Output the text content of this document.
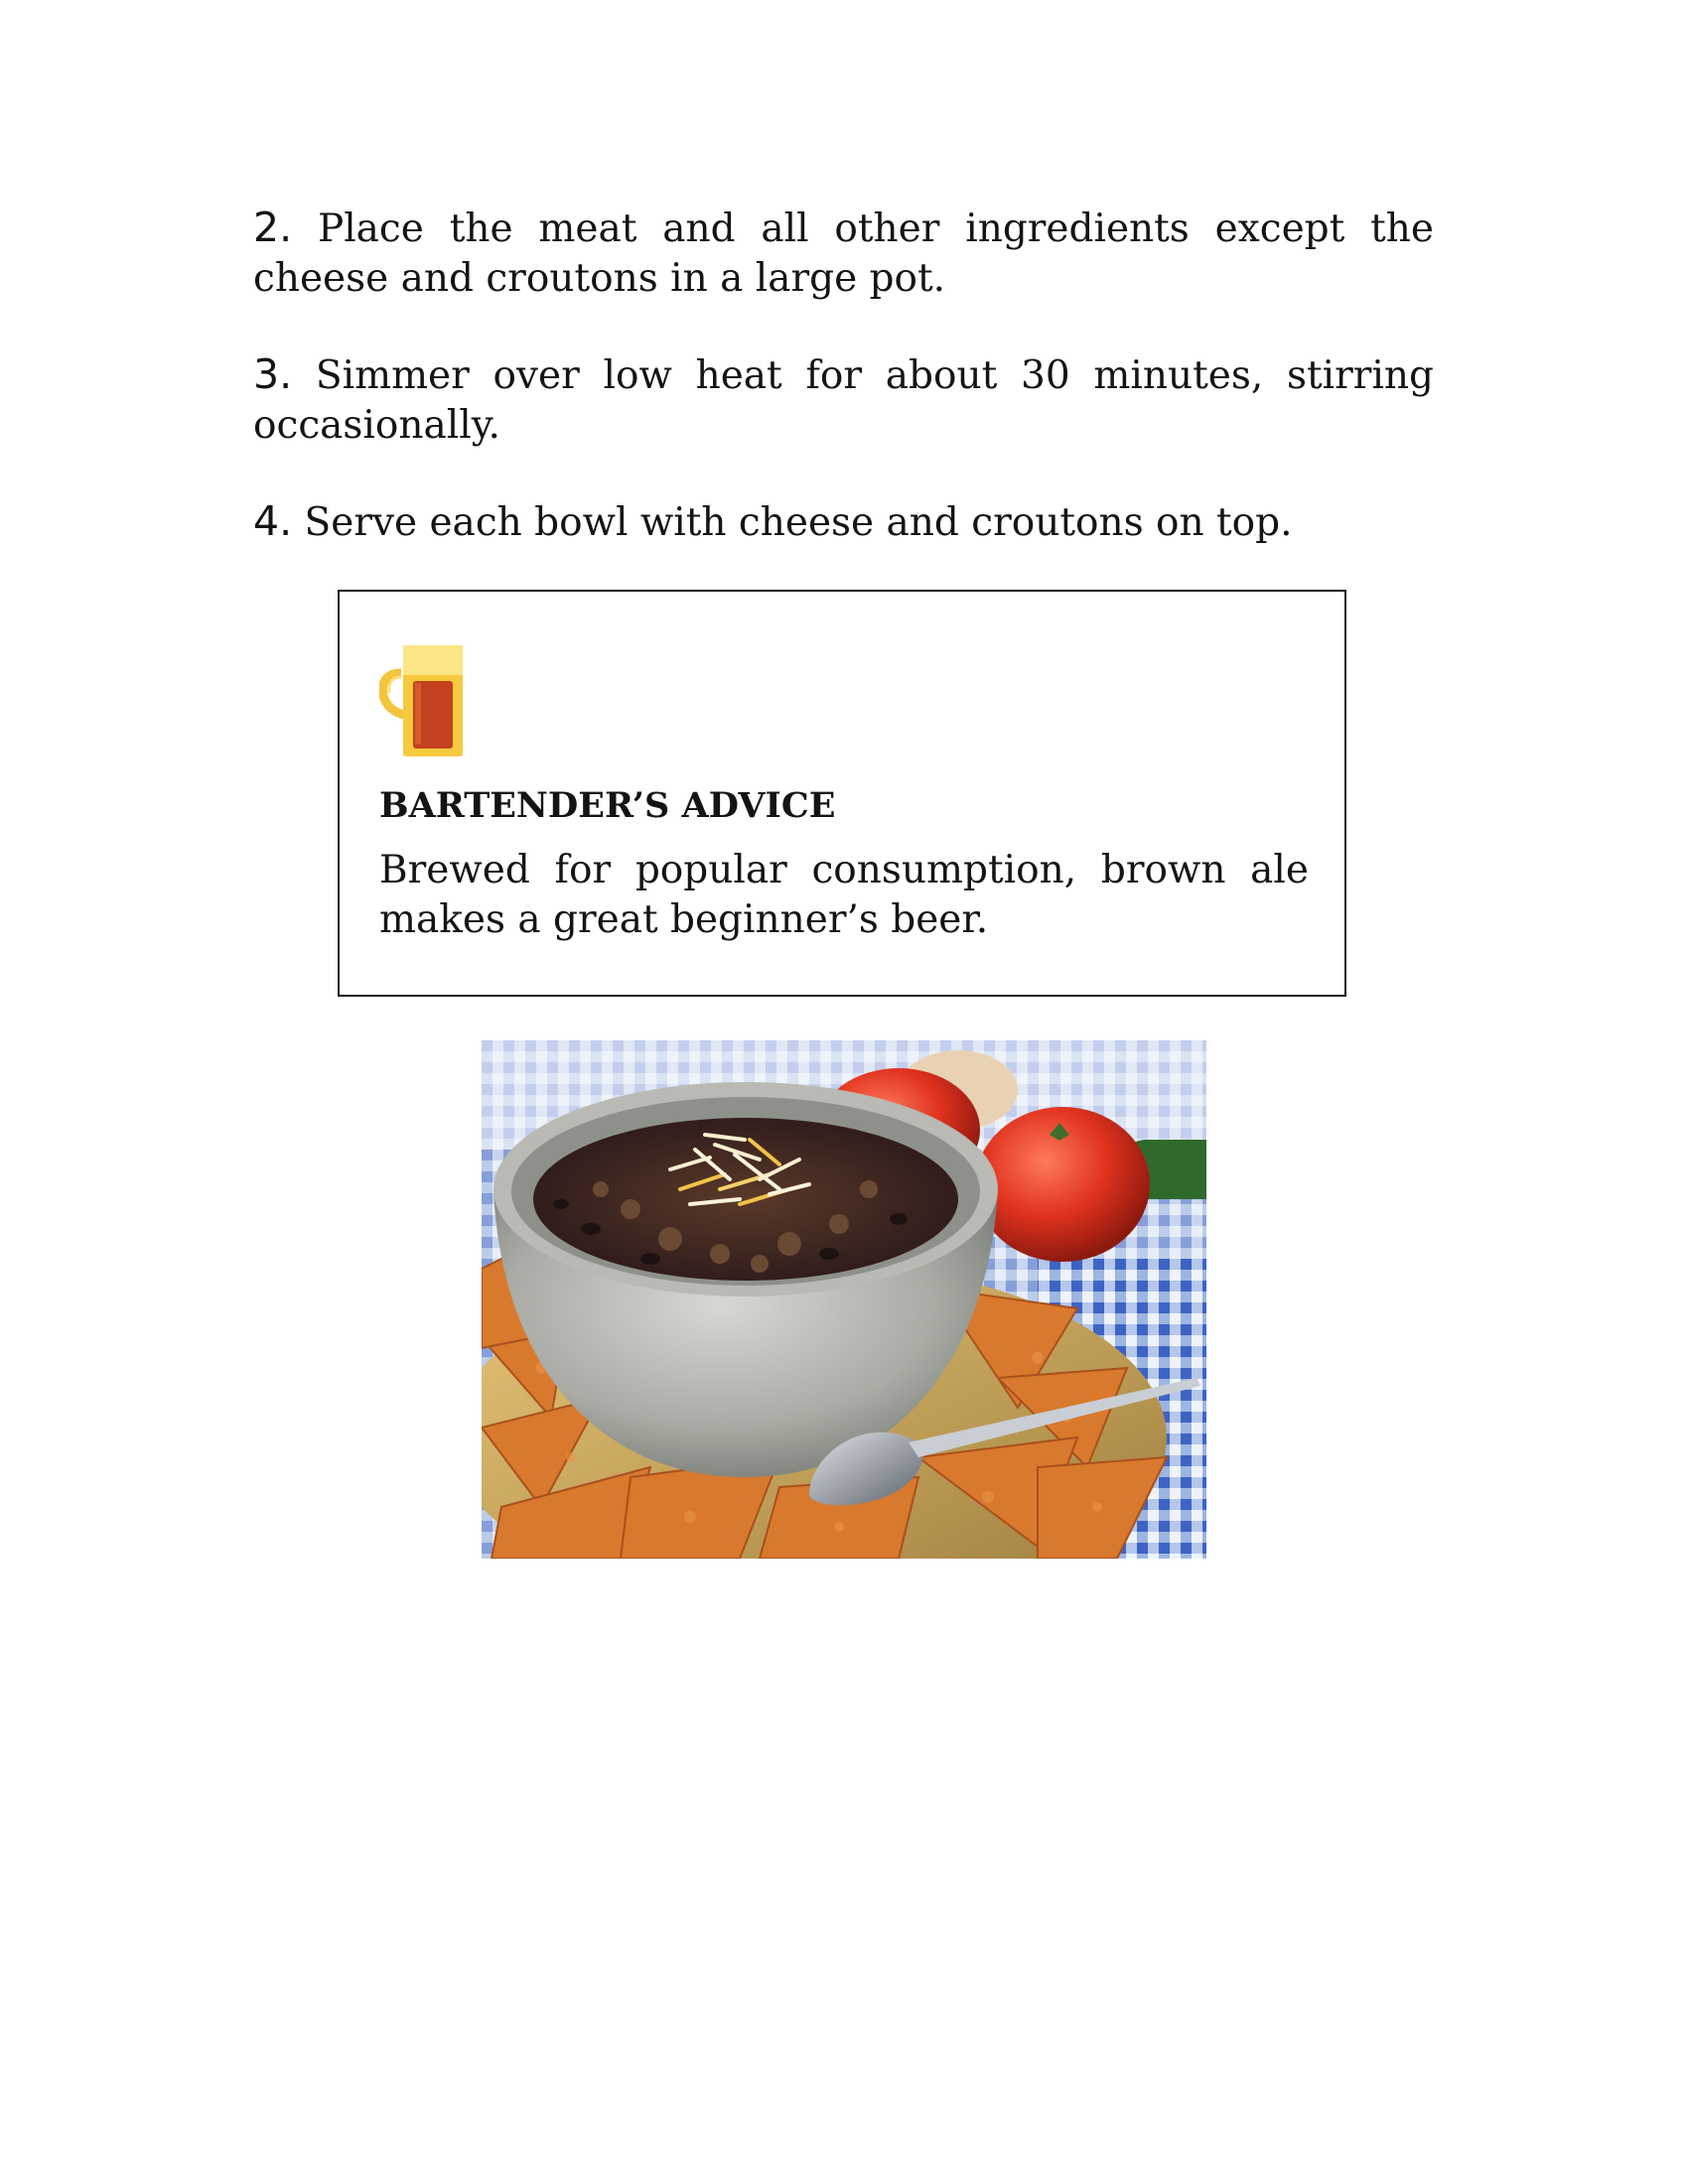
2. Place the meat and all other ingredients except the cheese and croutons in a large pot.

3. Simmer over low heat for about 30 minutes, stirring occasionally.

4. Serve each bowl with cheese and croutons on top.

BARTENDER’S ADVICE

Brewed for popular consumption, brown ale makes a great beginner’s beer.
